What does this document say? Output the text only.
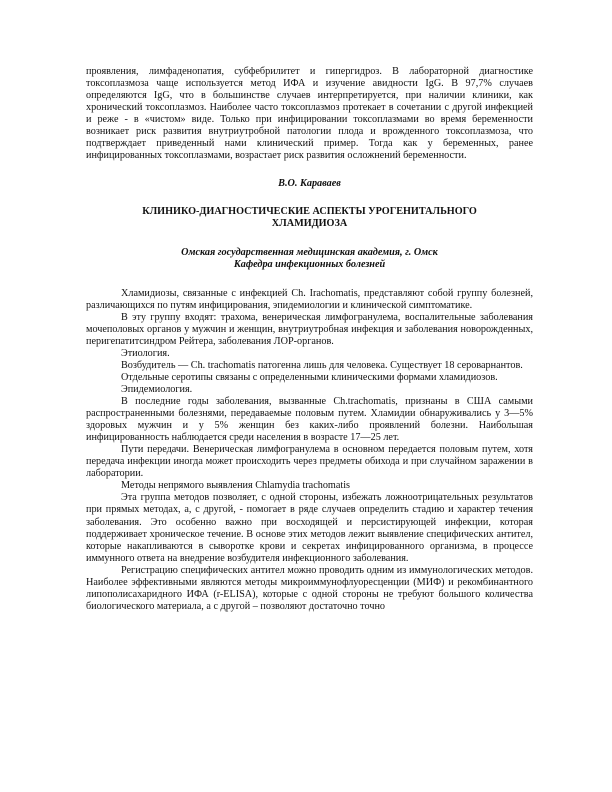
проявления, лимфаденопатия, субфебрилитет и гипергидроз. В лабораторной диагностике токсоплазмоза чаще используется метод ИФА и изучение авидности IgG. В 97,7% случаев определяются IgG, что в большинстве случаев интерпретируется, при наличии клиники, как хронический токсоплазмоз. Наиболее часто токсоплазмоз протекает в сочетании с другой инфекцией и реже - в «чистом» виде. Только при инфицировании токсоплазмами во время беременности возникает риск развития внутриутробной патологии плода и врожденного токсоплазмоза, что подтверждает приведенный нами клинический пример. Тогда как у беременных, ранее инфицированных токсоплазмами, возрастает риск развития осложнений беременности.

В.О. Караваев

КЛИНИКО-ДИАГНОСТИЧЕСКИЕ АСПЕКТЫ УРОГЕНИТАЛЬНОГО ХЛАМИДИОЗА

Омская государственная медицинская академия, г. Омск
Кафедра инфекционных болезней

Хламидиозы, связанные с инфекцией Ch. Irachomatis, представляют собой группу болезней, различающихся по путям инфицирования, эпидемиологии и клинической симптоматике.

В эту группу входят: трахома, венерическая лимфогранулема, воспалительные заболевания мочеполовых органов у мужчин и женщин, внутриутробная инфекция и заболевания новорожденных, перигепатитсиндром Рейтера, заболевания ЛОР-органов.

Этиология.

Возбудитель — Ch. trachomatis патогенна лишь для человека. Существует 18 сероварнантов.

Отдельные серотипы связаны с определенными клиническими формами хламидиозов.

Эпидемиология.

В последние годы заболевания, вызванные Ch.trachomatis, признаны в США самыми распространенными болезнями, передаваемые половым путем. Хламидии обнаруживались у 3—5% здоровых мужчин и у 5% женщин без каких-либо проявлений болезни. Наибольшая инфицированность наблюдается среди населения в возрасте 17—25 лет.

Пути передачи. Венерическая лимфогранулема в основном передается половым путем, хотя передача инфекции иногда может происходить через предметы обихода и при случайном заражении в лаборатории.

Методы непрямого выявления Chlamydia trachomatis

Эта группа методов позволяет, с одной стороны, избежать ложноотрицательных результатов при прямых методах, а, с другой, - помогает в ряде случаев определить стадию и характер течения заболевания. Это особенно важно при восходящей и персистирующей инфекции, которая поддерживает хроническое течение. В основе этих методов лежит выявление специфических антител, которые накапливаются в сыворотке крови и секретах инфицированного организма, в процессе иммунного ответа на внедрение возбудителя инфекционного заболевания.

Регистрацию специфических антител можно проводить одним из иммунологических методов. Наиболее эффективными являются методы микроиммунофлуоресценции (МИФ) и рекомбинантного липополисахаридного ИФА (r-ELISA), которые с одной стороны не требуют большого количества биологического материала, а с другой – позволяют достаточно точно
